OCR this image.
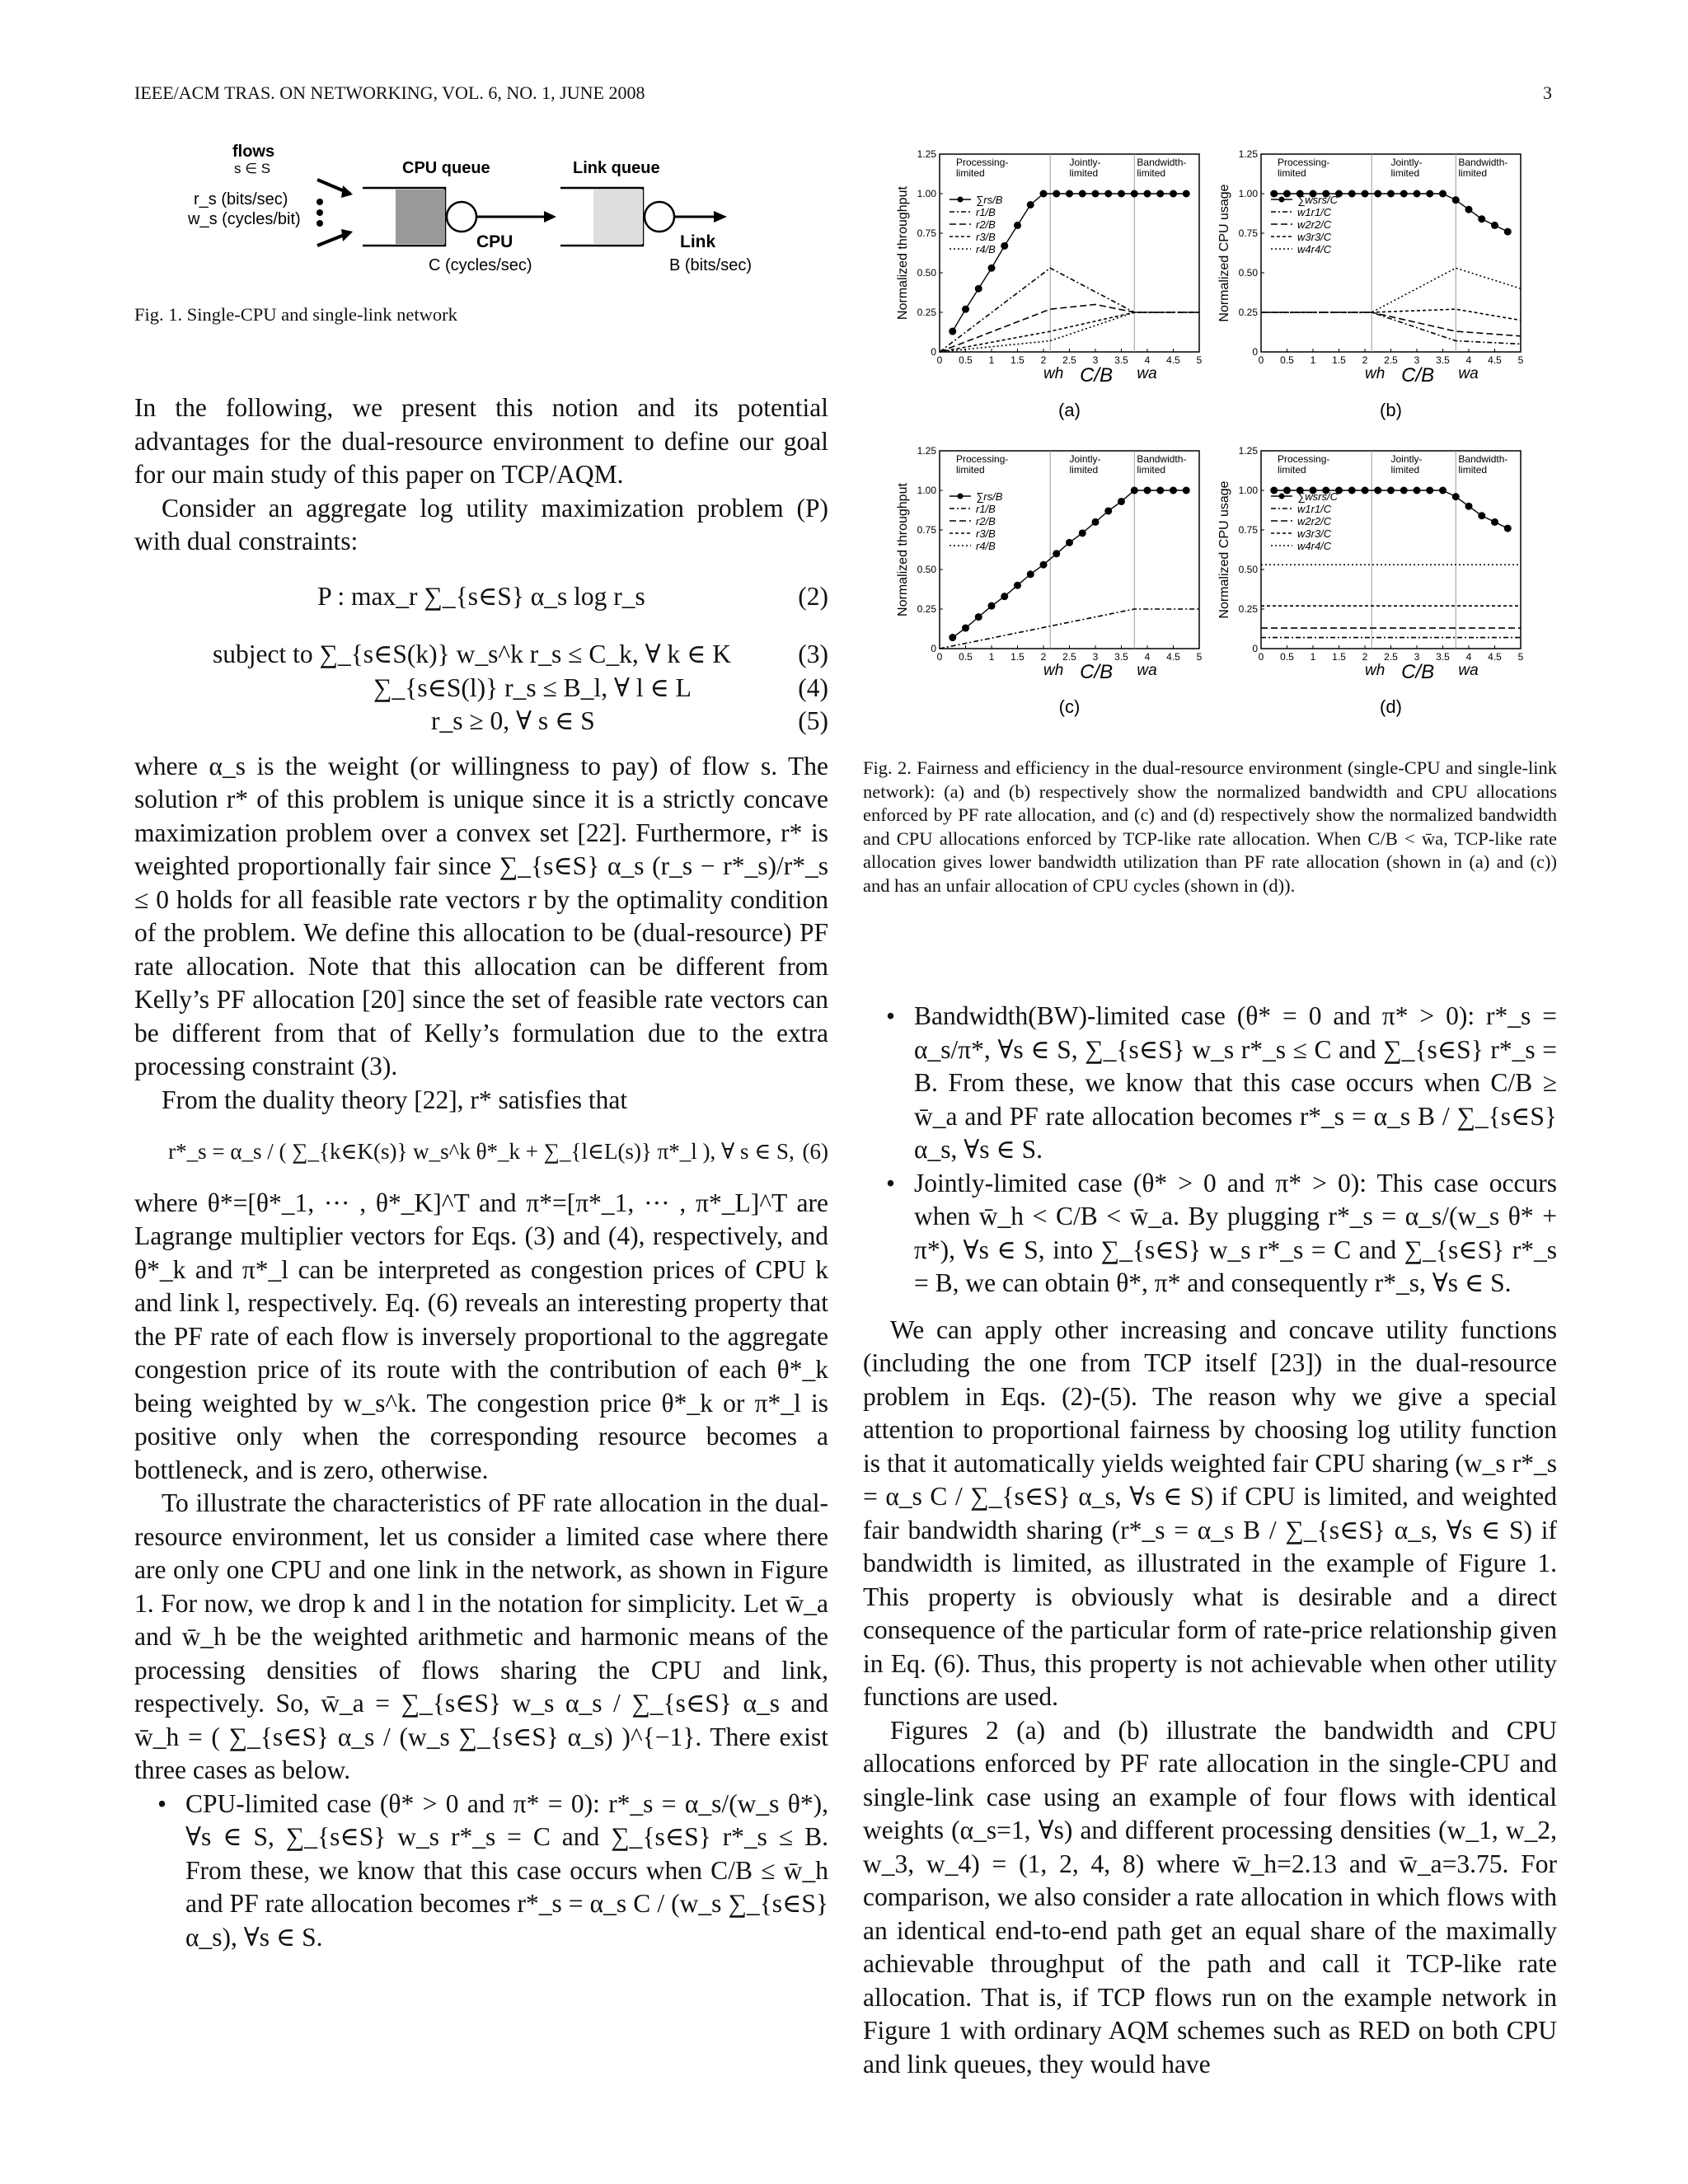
IEEE/ACM TRAS. ON NETWORKING, VOL. 6, NO. 1, JUNE 2008	3
flows
s ∈ S
r_s (bits/sec)
w_s (cycles/bit)
CPU queue
CPU
C (cycles/sec)
Link queue
Link
B (bits/sec)
Fig. 1. Single-CPU and single-link network
Processing-
limited
Jointly-
limited
Bandwidth-
limited
0 0.5 1 1.5 2 2.5 3 3.5 4 4.5 5
0
0.25
0.50
0.75
1.00
1.25
Normalized throughput
wh C/B wa
(a)
∑rs/B
r1/B
r2/B
r3/B
r4/B
Processing-
limited
Jointly-
limited
Bandwidth-
limited
0 0.5 1 1.5 2 2.5 3 3.5 4 4.5 5
0
0.25
0.50
0.75
1.00
1.25
Normalized CPU usage
wh C/B wa
(b)
∑wsrs/C
w1r1/C
w2r2/C
w3r3/C
w4r4/C
Processing-
limited
Jointly-
limited
Bandwidth-
limited
0 0.5 1 1.5 2 2.5 3 3.5 4 4.5 5
0
0.25
0.50
0.75
1.00
1.25
Normalized throughput
wh C/B wa
(c)
∑rs/B
r1/B
r2/B
r3/B
r4/B
Processing-
limited
Jointly-
limited
Bandwidth-
limited
0 0.5 1 1.5 2 2.5 3 3.5 4 4.5 5
0
0.25
0.50
0.75
1.00
1.25
Normalized CPU usage
wh C/B wa
(d)
∑wsrs/C
w1r1/C
w2r2/C
w3r3/C
w4r4/C
Fig. 2. Fairness and efficiency in the dual-resource environment (single-CPU and single-link network): (a) and (b) respectively show the normalized bandwidth and CPU allocations enforced by PF rate allocation, and (c) and (d) respectively show the normalized bandwidth and CPU allocations enforced by TCP-like rate allocation. When C/B < w̄a, TCP-like rate allocation gives lower bandwidth utilization than PF rate allocation (shown in (a) and (c)) and has an unfair allocation of CPU cycles (shown in (d)).

In the following, we present this notion and its potential advantages for the dual-resource environment to define our goal for our main study of this paper on TCP/AQM.

Consider an aggregate log utility maximization problem (P) with dual constraints:

P : max_r ∑_{s∈S} α_s log r_s	(2)
subject to ∑_{s∈S(k)} w_s^k r_s ≤ C_k, ∀ k ∈ K	(3)
∑_{s∈S(l)} r_s ≤ B_l, ∀ l ∈ L	(4)
r_s ≥ 0, ∀ s ∈ S	(5)

where α_s is the weight (or willingness to pay) of flow s. The solution r* of this problem is unique since it is a strictly concave maximization problem over a convex set [22]. Furthermore, r* is weighted proportionally fair since ∑_{s∈S} α_s (r_s − r*_s)/r*_s ≤ 0 holds for all feasible rate vectors r by the optimality condition of the problem. We define this allocation to be (dual-resource) PF rate allocation. Note that this allocation can be different from Kelly’s PF allocation [20] since the set of feasible rate vectors can be different from that of Kelly’s formulation due to the extra processing constraint (3).

From the duality theory [22], r* satisfies that

r*_s = α_s / ( ∑_{k∈K(s)} w_s^k θ*_k + ∑_{l∈L(s)} π*_l ), ∀ s ∈ S, (6)

where θ*=[θ*_1, ··· , θ*_K]^T and π*=[π*_1, ··· , π*_L]^T are Lagrange multiplier vectors for Eqs. (3) and (4), respectively, and θ*_k and π*_l can be interpreted as congestion prices of CPU k and link l, respectively. Eq. (6) reveals an interesting property that the PF rate of each flow is inversely proportional to the aggregate congestion price of its route with the contribution of each θ*_k being weighted by w_s^k. The congestion price θ*_k or π*_l is positive only when the corresponding resource becomes a bottleneck, and is zero, otherwise.

To illustrate the characteristics of PF rate allocation in the dual-resource environment, let us consider a limited case where there are only one CPU and one link in the network, as shown in Figure 1. For now, we drop k and l in the notation for simplicity. Let w̄_a and w̄_h be the weighted arithmetic and harmonic means of the processing densities of flows sharing the CPU and link, respectively. So, w̄_a = ∑_{s∈S} w_s α_s / ∑_{s∈S} α_s and w̄_h = ( ∑_{s∈S} α_s / (w_s ∑_{s∈S} α_s) )^{−1}. There exist three cases as below.

• CPU-limited case (θ* > 0 and π* = 0): r*_s = α_s/(w_s θ*), ∀s ∈ S, ∑_{s∈S} w_s r*_s = C and ∑_{s∈S} r*_s ≤ B. From these, we know that this case occurs when C/B ≤ w̄_h and PF rate allocation becomes r*_s = α_s C / (w_s ∑_{s∈S} α_s), ∀s ∈ S.
• Bandwidth(BW)-limited case (θ* = 0 and π* > 0): r*_s = α_s/π*, ∀s ∈ S, ∑_{s∈S} w_s r*_s ≤ C and ∑_{s∈S} r*_s = B. From these, we know that this case occurs when C/B ≥ w̄_a and PF rate allocation becomes r*_s = α_s B / ∑_{s∈S} α_s, ∀s ∈ S.
• Jointly-limited case (θ* > 0 and π* > 0): This case occurs when w̄_h < C/B < w̄_a. By plugging r*_s = α_s/(w_s θ* + π*), ∀s ∈ S, into ∑_{s∈S} w_s r*_s = C and ∑_{s∈S} r*_s = B, we can obtain θ*, π* and consequently r*_s, ∀s ∈ S.

We can apply other increasing and concave utility functions (including the one from TCP itself [23]) in the dual-resource problem in Eqs. (2)-(5). The reason why we give a special attention to proportional fairness by choosing log utility function is that it automatically yields weighted fair CPU sharing (w_s r*_s = α_s C / ∑_{s∈S} α_s, ∀s ∈ S) if CPU is limited, and weighted fair bandwidth sharing (r*_s = α_s B / ∑_{s∈S} α_s, ∀s ∈ S) if bandwidth is limited, as illustrated in the example of Figure 1. This property is obviously what is desirable and a direct consequence of the particular form of rate-price relationship given in Eq. (6). Thus, this property is not achievable when other utility functions are used.

Figures 2 (a) and (b) illustrate the bandwidth and CPU allocations enforced by PF rate allocation in the single-CPU and single-link case using an example of four flows with identical weights (α_s=1, ∀s) and different processing densities (w_1, w_2, w_3, w_4) = (1, 2, 4, 8) where w̄_h=2.13 and w̄_a=3.75. For comparison, we also consider a rate allocation in which flows with an identical end-to-end path get an equal share of the maximally achievable throughput of the path and call it TCP-like rate allocation. That is, if TCP flows run on the example network in Figure 1 with ordinary AQM schemes such as RED on both CPU and link queues, they would have
